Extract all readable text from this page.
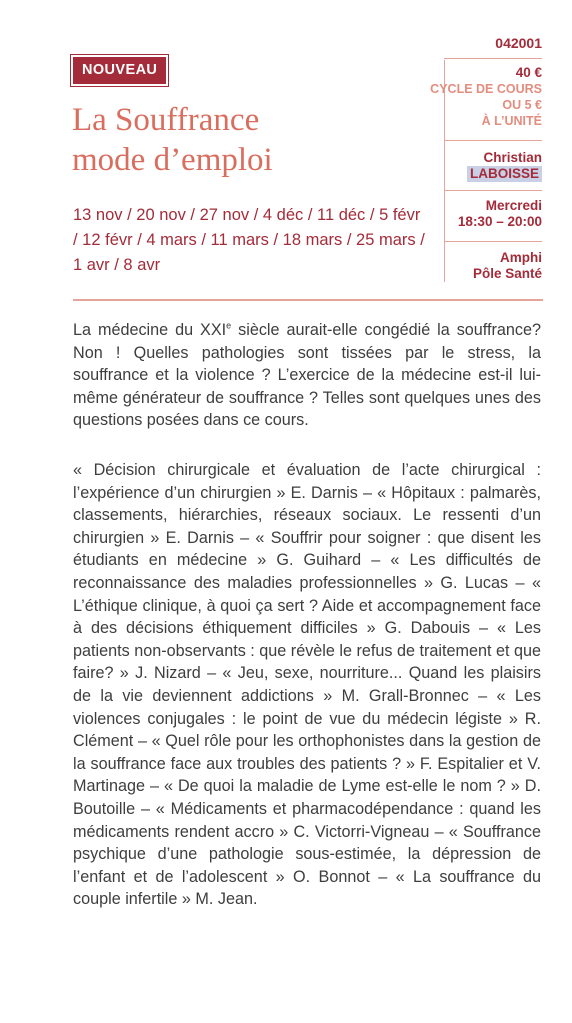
NOUVEAU
La Souffrance
mode d’emploi

13 nov / 20 nov / 27 nov / 4 déc / 11 déc / 5 févr / 12 févr / 4 mars / 11 mars / 18 mars / 25 mars / 1 avr / 8 avr

042001
40 €
CYCLE DE COURS
OU 5 €
À L’UNITÉ
Christian
LABOISSE
Mercredi
18:30 – 20:00
Amphi
Pôle Santé

La médecine du XXIe siècle aurait-elle congédié la souffrance? Non ! Quelles pathologies sont tissées par le stress, la souffrance et la violence ? L’exercice de la médecine est-il lui-même générateur de souffrance ? Telles sont quelques unes des questions posées dans ce cours.

« Décision chirurgicale et évaluation de l’acte chirurgical : l’expérience d’un chirurgien » E. Darnis – « Hôpitaux : palmarès, classements, hiérarchies, réseaux sociaux. Le ressenti d’un chirurgien » E. Darnis – « Souffrir pour soigner : que disent les étudiants en médecine » G. Guihard – « Les difficultés de reconnaissance des maladies professionnelles » G. Lucas – « L’éthique clinique, à quoi ça sert ? Aide et accompagnement face à des décisions éthiquement difficiles » G. Dabouis – « Les patients non-observants : que révèle le refus de traitement et que faire? » J. Nizard – « Jeu, sexe, nourriture... Quand les plaisirs de la vie deviennent addictions » M. Grall-Bronnec – « Les violences conjugales : le point de vue du médecin légiste » R. Clément – « Quel rôle pour les orthophonistes dans la gestion de la souffrance face aux troubles des patients ? » F. Espitalier et V. Martinage – « De quoi la maladie de Lyme est-elle le nom ? » D. Boutoille – « Médicaments et pharmacodépendance : quand les médicaments rendent accro » C. Victorri-Vigneau – « Souffrance psychique d’une pathologie sous-estimée, la dépression de l’enfant et de l’adolescent » O. Bonnot – « La souffrance du couple infertile » M. Jean.
